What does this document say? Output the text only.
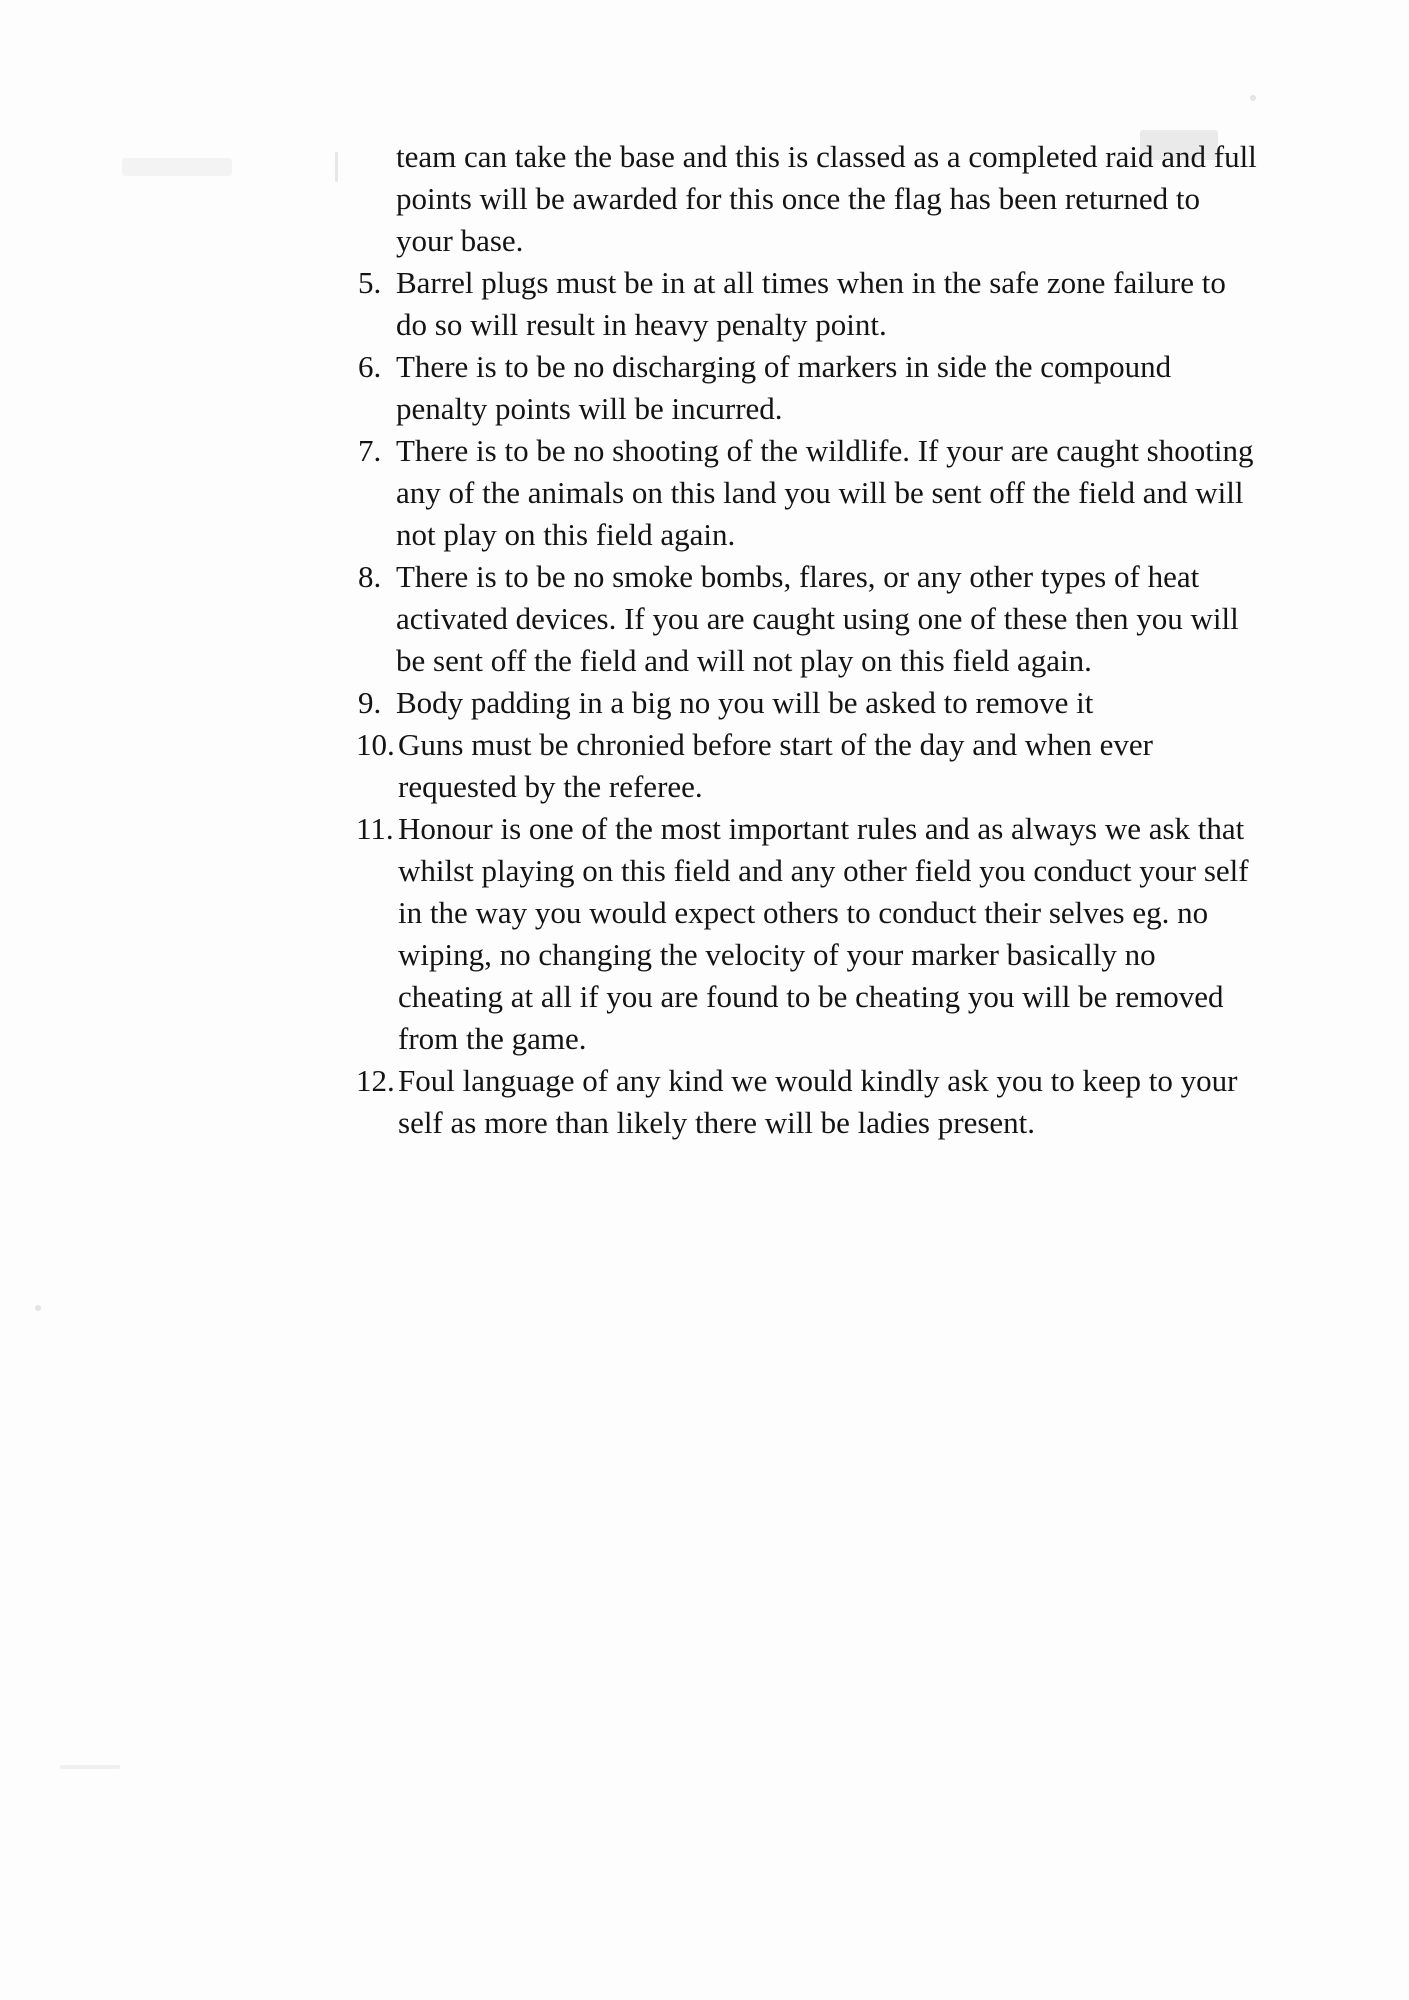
team can take the base and this is classed as a completed raid and full points will be awarded for this once the flag has been returned to your base.

5. Barrel plugs must be in at all times when in the safe zone failure to do so will result in heavy penalty point.
6. There is to be no discharging of markers in side the compound penalty points will be incurred.
7. There is to be no shooting of the wildlife. If your are caught shooting any of the animals on this land you will be sent off the field and will not play on this field again.
8. There is to be no smoke bombs, flares, or any other types of heat activated devices. If you are caught using one of these then you will be sent off the field and will not play on this field again.
9. Body padding in a big no you will be asked to remove it
10. Guns must be chronied before start of the day and when ever requested by the referee.
11. Honour is one of the most important rules and as always we ask that whilst playing on this field and any other field you conduct your self in the way you would expect others to conduct their selves eg. no wiping, no changing the velocity of your marker basically no cheating at all if you are found to be cheating you will be removed from the game.
12. Foul language of any kind we would kindly ask you to keep to your self as more than likely there will be ladies present.
